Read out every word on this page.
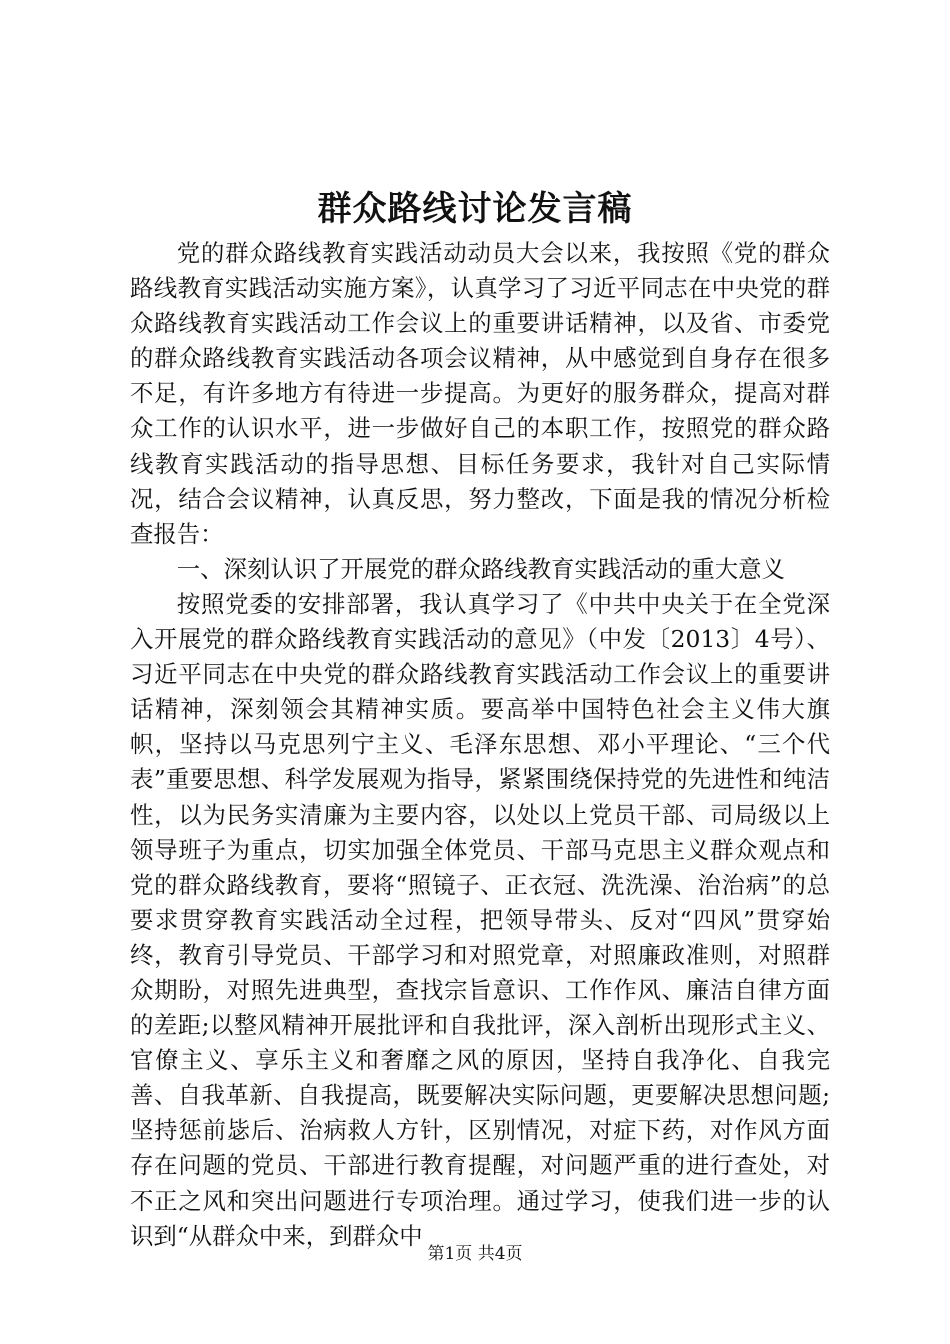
群众路线讨论发言稿

党的群众路线教育实践活动动员大会以来，我按照《党的群众路线教育实践活动实施方案》，认真学习了习近平同志在中央党的群众路线教育实践活动工作会议上的重要讲话精神，以及省、市委党的群众路线教育实践活动各项会议精神，从中感觉到自身存在很多不足，有许多地方有待进一步提高。为更好的服务群众，提高对群众工作的认识水平，进一步做好自己的本职工作，按照党的群众路线教育实践活动的指导思想、目标任务要求，我针对自己实际情况，结合会议精神，认真反思，努力整改，下面是我的情况分析检查报告：

一、深刻认识了开展党的群众路线教育实践活动的重大意义

按照党委的安排部署，我认真学习了《中共中央关于在全党深入开展党的群众路线教育实践活动的意见》（中发〔2013〕4号）、习近平同志在中央党的群众路线教育实践活动工作会议上的重要讲话精神，深刻领会其精神实质。要高举中国特色社会主义伟大旗帜，坚持以马克思列宁主义、毛泽东思想、邓小平理论、“三个代表”重要思想、科学发展观为指导，紧紧围绕保持党的先进性和纯洁性，以为民务实清廉为主要内容，以处以上党员干部、司局级以上领导班子为重点，切实加强全体党员、干部马克思主义群众观点和党的群众路线教育，要将“照镜子、正衣冠、洗洗澡、治治病”的总要求贯穿教育实践活动全过程，把领导带头、反对“四风”贯穿始终，教育引导党员、干部学习和对照党章，对照廉政准则，对照群众期盼，对照先进典型，查找宗旨意识、工作作风、廉洁自律方面的差距;以整风精神开展批评和自我批评，深入剖析出现形式主义、官僚主义、享乐主义和奢靡之风的原因，坚持自我净化、自我完善、自我革新、自我提高，既要解决实际问题，更要解决思想问题;坚持惩前毖后、治病救人方针，区别情况，对症下药，对作风方面存在问题的党员、干部进行教育提醒，对问题严重的进行查处，对不正之风和突出问题进行专项治理。通过学习，使我们进一步的认识到“从群众中来，到群众中

第1页 共4页
